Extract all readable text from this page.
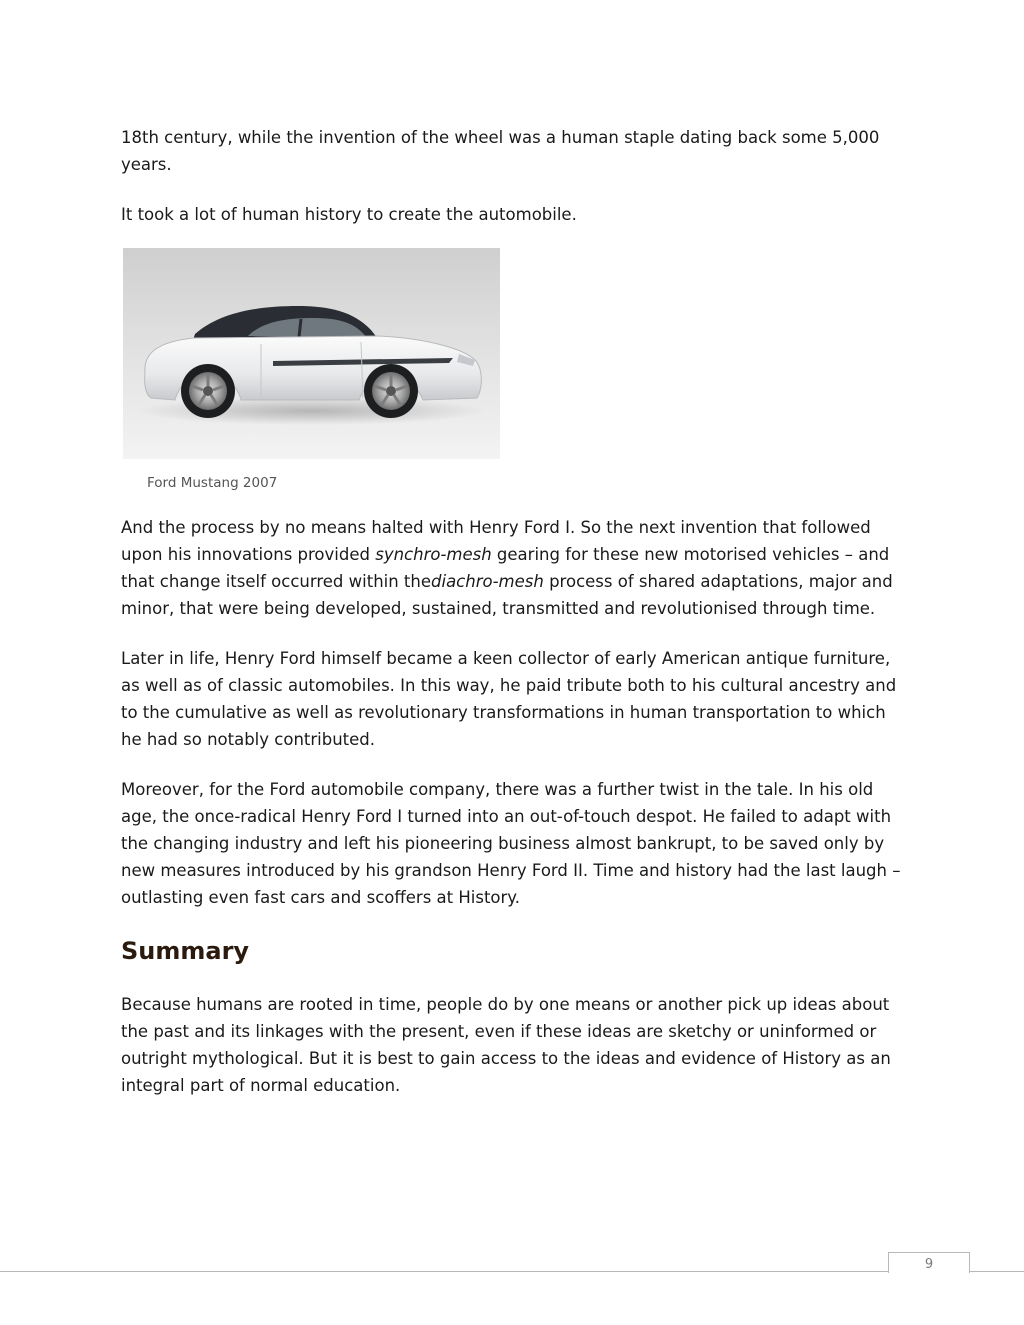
18th century, while the invention of the wheel was a human staple dating back some 5,000 years.

It took a lot of human history to create the automobile.

Ford Mustang 2007

And the process by no means halted with Henry Ford I. So the next invention that followed upon his innovations provided synchro-mesh gearing for these new motorised vehicles – and that change itself occurred within thediachro-mesh process of shared adaptations, major and minor, that were being developed, sustained, transmitted and revolutionised through time.

Later in life, Henry Ford himself became a keen collector of early American antique furniture, as well as of classic automobiles. In this way, he paid tribute both to his cultural ancestry and to the cumulative as well as revolutionary transformations in human transportation to which he had so notably contributed.

Moreover, for the Ford automobile company, there was a further twist in the tale. In his old age, the once-radical Henry Ford I turned into an out-of-touch despot. He failed to adapt with the changing industry and left his pioneering business almost bankrupt, to be saved only by new measures introduced by his grandson Henry Ford II. Time and history had the last laugh – outlasting even fast cars and scoffers at History.

Summary

Because humans are rooted in time, people do by one means or another pick up ideas about the past and its linkages with the present, even if these ideas are sketchy or uninformed or outright mythological. But it is best to gain access to the ideas and evidence of History as an integral part of normal education.

9
